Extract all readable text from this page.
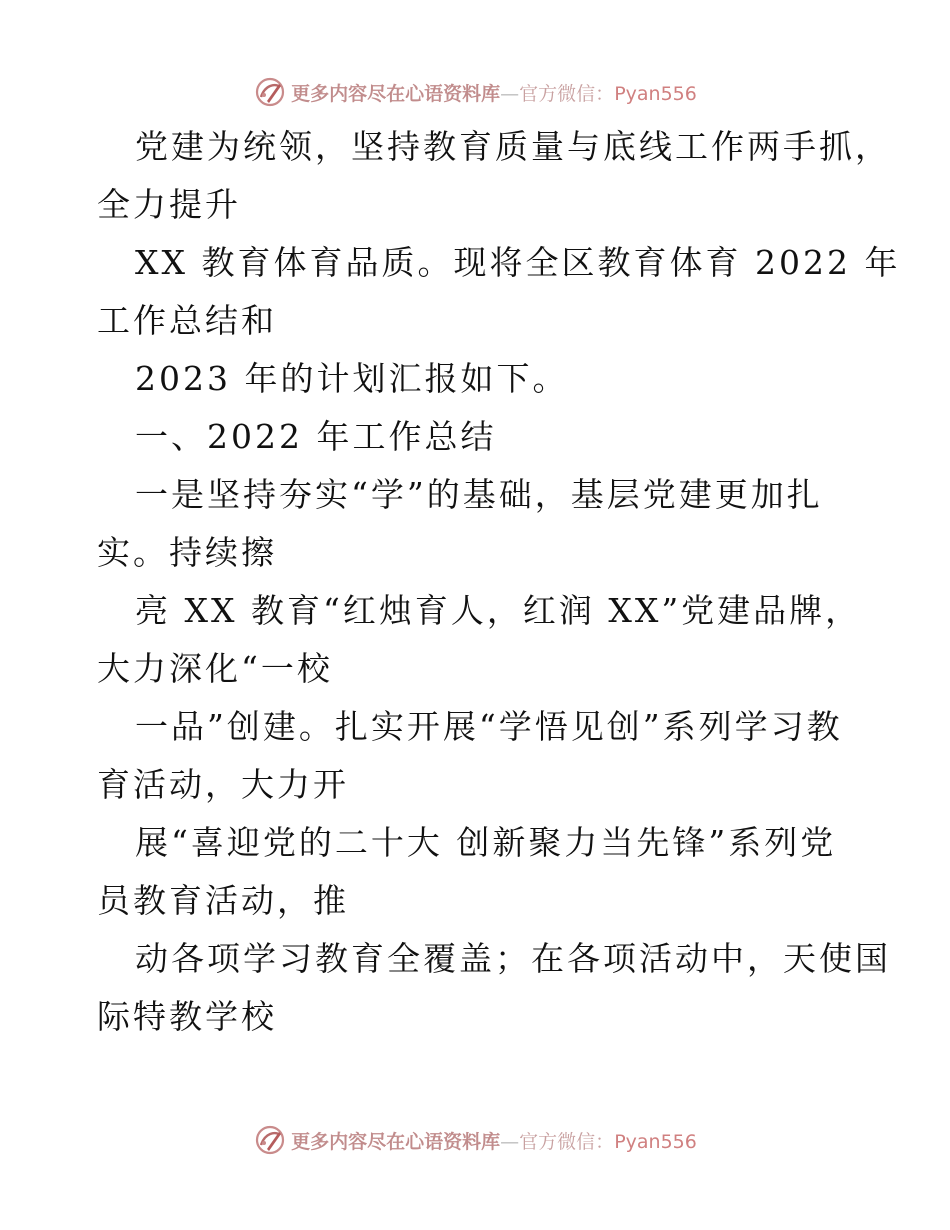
更多内容尽在心语资料库—官方微信：Pyan556

党建为统领，坚持教育质量与底线工作两手抓，

全力提升

XX 教育体育品质。现将全区教育体育 2022 年

工作总结和

2023 年的计划汇报如下。

一、2022 年工作总结

一是坚持夯实“学”的基础，基层党建更加扎

实。持续擦

亮 XX 教育“红烛育人，红润 XX”党建品牌，

大力深化“一校

一品”创建。扎实开展“学悟见创”系列学习教

育活动，大力开

展“喜迎党的二十大 创新聚力当先锋”系列党

员教育活动，推

动各项学习教育全覆盖；在各项活动中，天使国

际特教学校

更多内容尽在心语资料库—官方微信：Pyan556
